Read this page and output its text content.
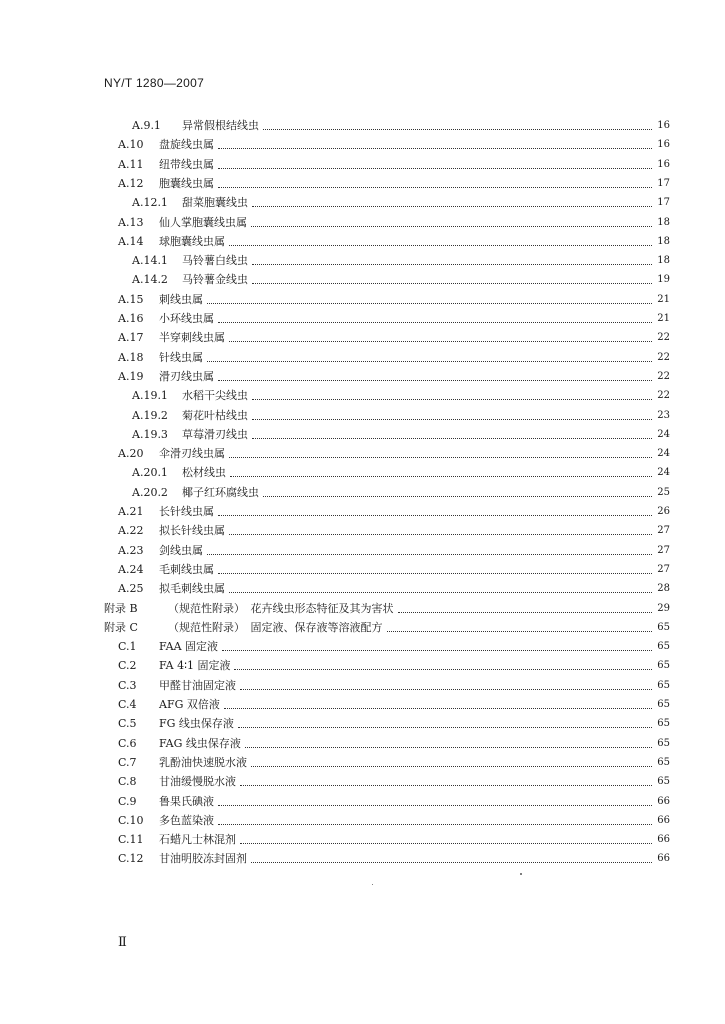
NY/T 1280—2007
A.9.1	异常假根结线虫	16
A.10	盘旋线虫属	16
A.11	纽带线虫属	16
A.12	胞囊线虫属	17
A.12.1	甜菜胞囊线虫	17
A.13	仙人掌胞囊线虫属	18
A.14	球胞囊线虫属	18
A.14.1	马铃薯白线虫	18
A.14.2	马铃薯金线虫	19
A.15	刺线虫属	21
A.16	小环线虫属	21
A.17	半穿刺线虫属	22
A.18	针线虫属	22
A.19	滑刃线虫属	22
A.19.1	水稻干尖线虫	22
A.19.2	菊花叶枯线虫	23
A.19.3	草莓滑刃线虫	24
A.20	伞滑刃线虫属	24
A.20.1	松材线虫	24
A.20.2	椰子红环腐线虫	25
A.21	长针线虫属	26
A.22	拟长针线虫属	27
A.23	剑线虫属	27
A.24	毛刺线虫属	27
A.25	拟毛刺线虫属	28
附录 B	（规范性附录）　花卉线虫形态特征及其为害状	29
附录 C	（规范性附录）　固定液、保存液等溶液配方	65
C.1	FAA 固定液	65
C.2	FA 4∶1 固定液	65
C.3	甲醛甘油固定液	65
C.4	AFG 双倍液	65
C.5	FG 线虫保存液	65
C.6	FAG 线虫保存液	65
C.7	乳酚油快速脱水液	65
C.8	甘油缓慢脱水液	65
C.9	鲁果氏碘液	66
C.10	多色蓝染液	66
C.11	石蜡凡士林混剂	66
C.12	甘油明胶冻封固剂	66
Ⅱ
